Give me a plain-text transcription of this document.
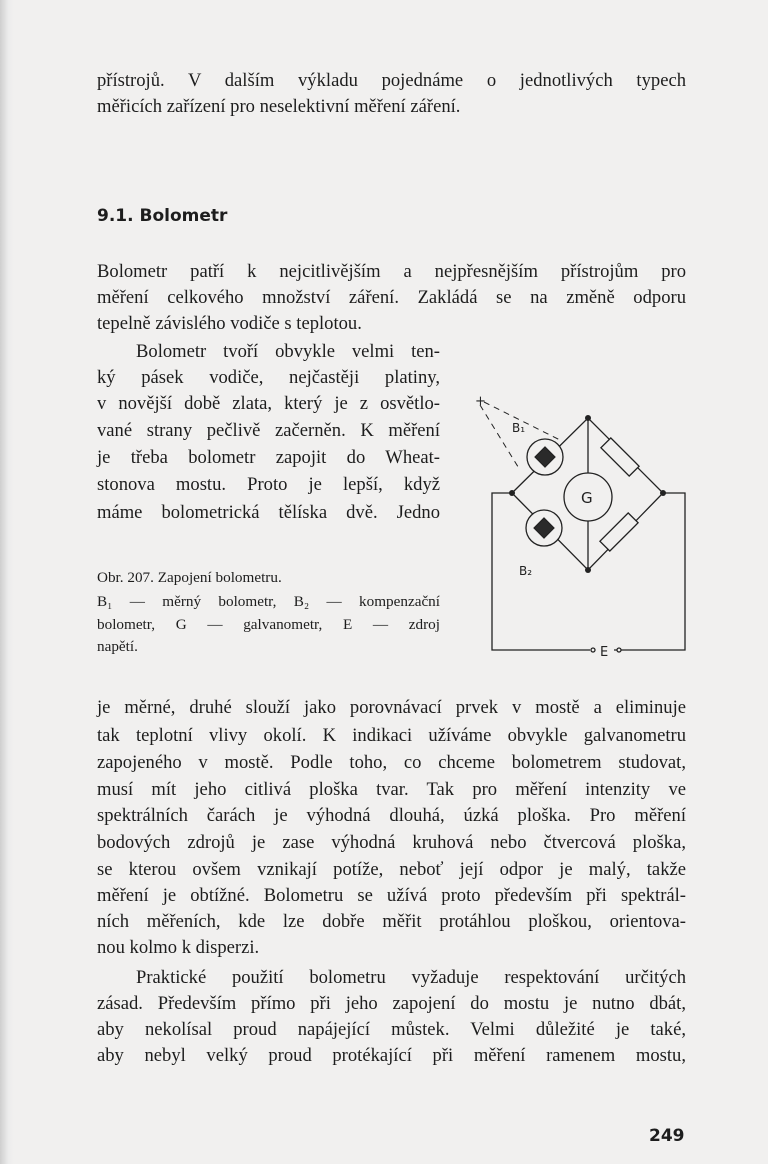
přístrojů. V dalším výkladu pojednáme o jednotlivých typech
měřicích zařízení pro neselektivní měření záření.
9.1. Bolometr
Bolometr patří k nejcitlivějším a nejpřesnějším přístrojům pro
měření celkového množství záření. Zakládá se na změně odporu
tepelně závislého vodiče s teplotou.
Bolometr tvoří obvykle velmi ten-
ký pásek vodiče, nejčastěji platiny,
v novější době zlata, který je z osvětlo-
vané strany pečlivě začerněn. K měření
je třeba bolometr zapojit do Wheat-
stonova mostu. Proto je lepší, když
máme bolometrická tělíska dvě. Jedno
Obr. 207. Zapojení bolometru.
B₁ — měrný bolometr, B₂ — kompenzační
bolometr, G — galvanometr, E — zdroj
napětí.
+
G
B₁
B₂
E
je měrné, druhé slouží jako porovnávací prvek v mostě a eliminuje
tak teplotní vlivy okolí. K indikaci užíváme obvykle galvanometru
zapojeného v mostě. Podle toho, co chceme bolometrem studovat,
musí mít jeho citlivá ploška tvar. Tak pro měření intenzity ve
spektrálních čarách je výhodná dlouhá, úzká ploška. Pro měření
bodových zdrojů je zase výhodná kruhová nebo čtvercová ploška,
se kterou ovšem vznikají potíže, neboť její odpor je malý, takže
měření je obtížné. Bolometru se užívá proto především při spektrál-
ních měřeních, kde lze dobře měřit protáhlou ploškou, orientova-
nou kolmo k disperzi.
Praktické použití bolometru vyžaduje respektování určitých
zásad. Především přímo při jeho zapojení do mostu je nutno dbát,
aby nekolísal proud napájející můstek. Velmi důležité je také,
aby nebyl velký proud protékající při měření ramenem mostu,
249
